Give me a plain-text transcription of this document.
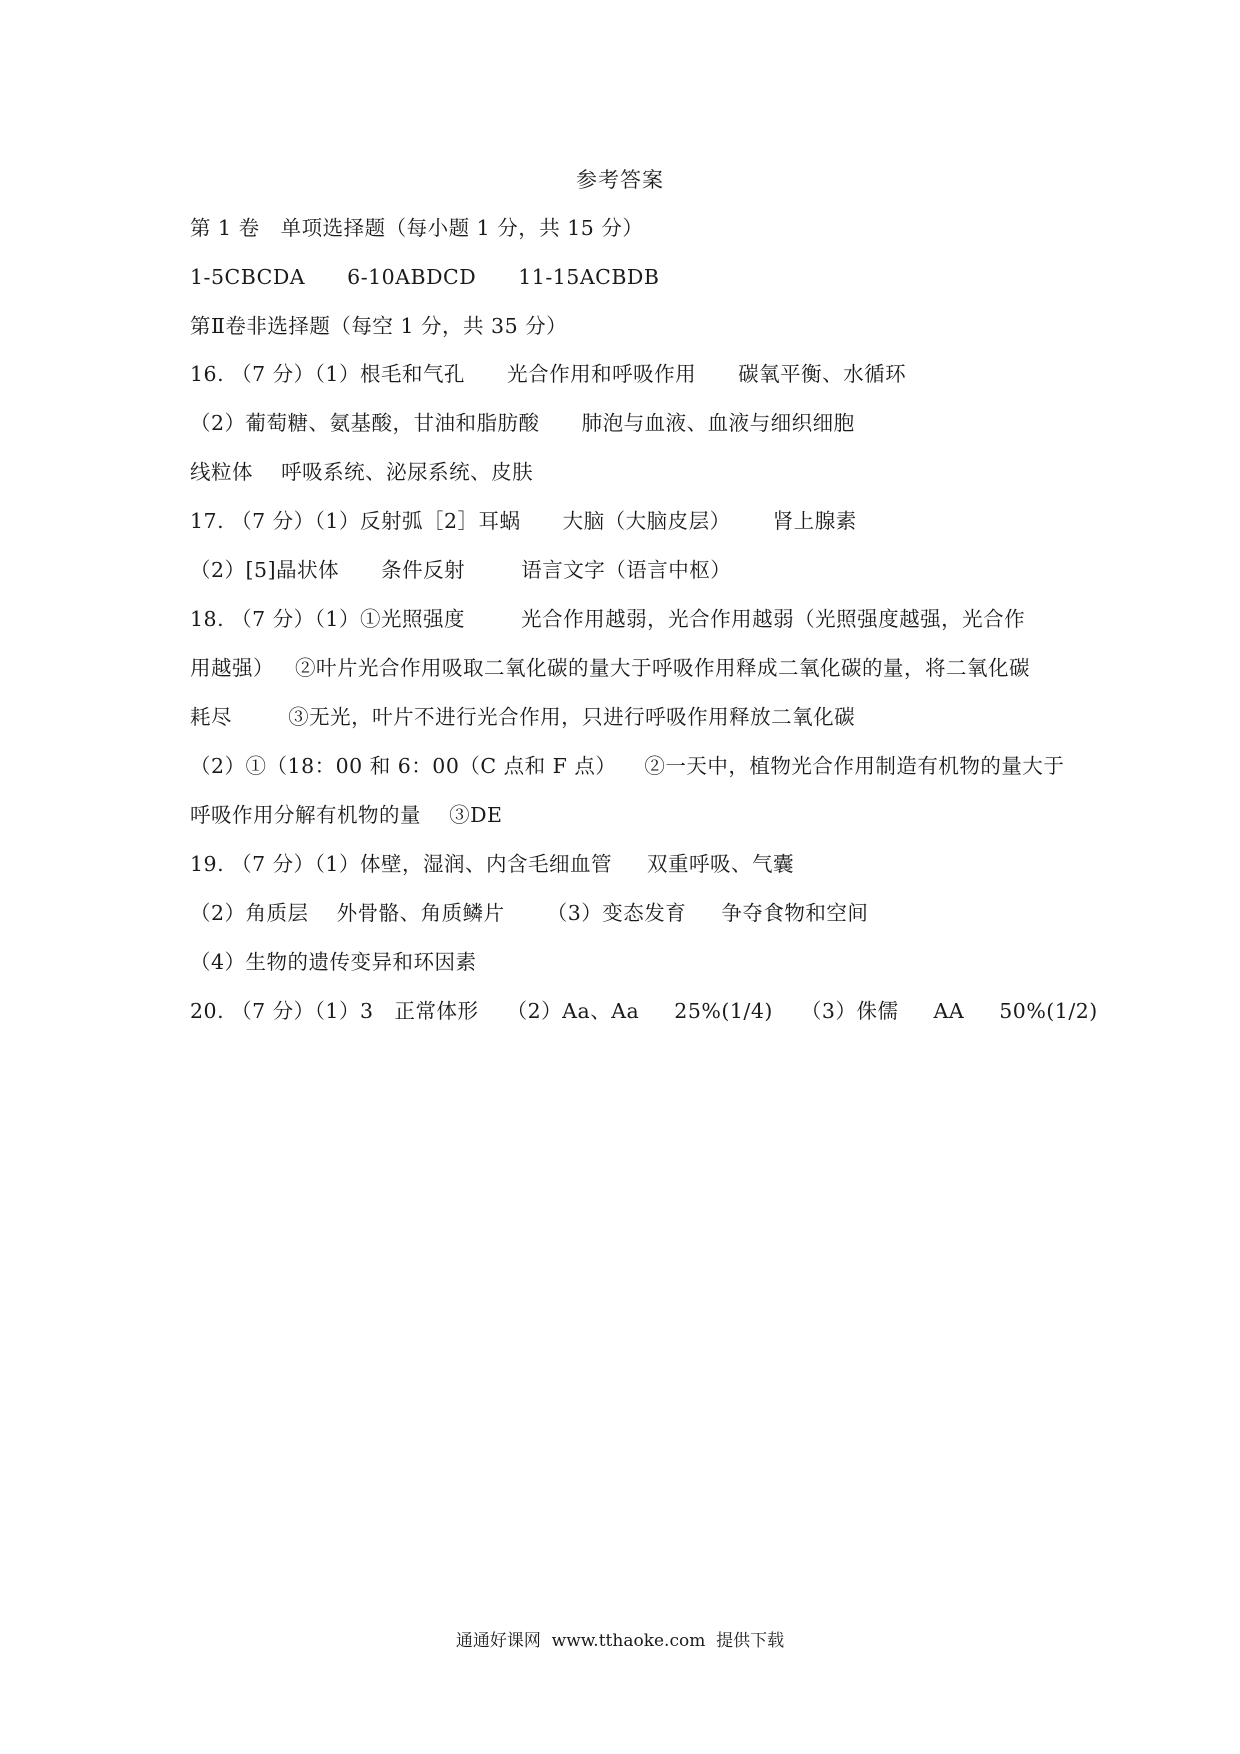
参考答案
第 1 卷   单项选择题（每小题 1 分，共 15 分）
1-5CBCDA      6-10ABDCD      11-15ACBDB
第Ⅱ卷非选择题（每空 1 分，共 35 分）
16. （7 分）（1）根毛和气孔      光合作用和呼吸作用      碳氧平衡、水循环
（2）葡萄糖、氨基酸，甘油和脂肪酸      肺泡与血液、血液与细织细胞
线粒体    呼吸系统、泌尿系统、皮肤
17. （7 分）（1）反射弧［2］耳蜗      大脑（大脑皮层）      肾上腺素
（2）[5]晶状体      条件反射        语言文字（语言中枢）
18. （7 分）（1）①光照强度        光合作用越弱，光合作用越弱（光照强度越强，光合作
用越强）   ②叶片光合作用吸取二氧化碳的量大于呼吸作用释成二氧化碳的量，将二氧化碳
耗尽        ③无光，叶片不进行光合作用，只进行呼吸作用释放二氧化碳
（2）①（18：00 和 6：00（C 点和 F 点）    ②一天中，植物光合作用制造有机物的量大于
呼吸作用分解有机物的量    ③DE
19. （7 分）（1）体壁，湿润、内含毛细血管     双重呼吸、气囊
（2）角质层    外骨骼、角质鳞片      （3）变态发育     争夺食物和空间
（4）生物的遗传变异和环因素
20. （7 分）（1）3   正常体形    （2）Aa、Aa     25%(1/4)    （3）侏儒     AA     50%(1/2)
通通好课网  www.tthaoke.com  提供下载
